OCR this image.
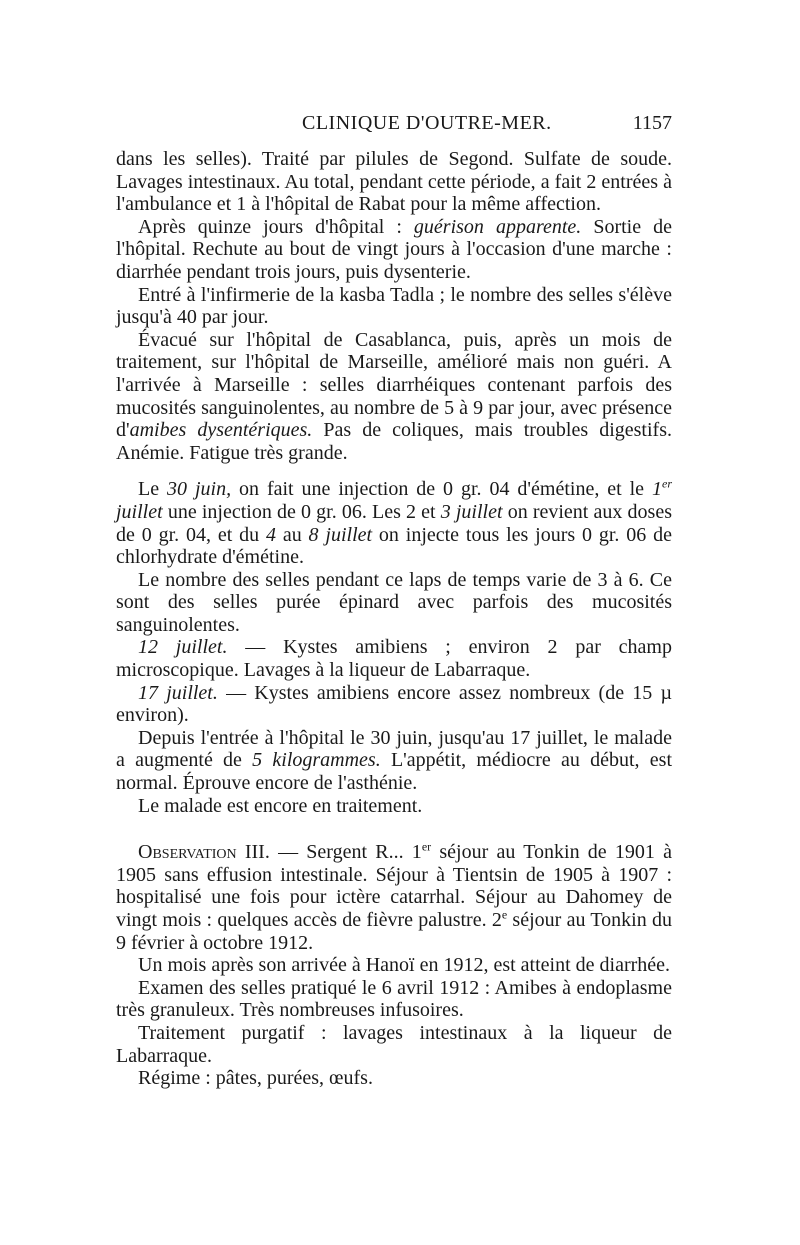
CLINIQUE D'OUTRE-MER.	1157

dans les selles). Traité par pilules de Segond. Sulfate de soude. Lavages intestinaux. Au total, pendant cette période, a fait 2 entrées à l'ambulance et 1 à l'hôpital de Rabat pour la même affection.

Après quinze jours d'hôpital : guérison apparente. Sortie de l'hôpital. Rechute au bout de vingt jours à l'occasion d'une marche : diarrhée pendant trois jours, puis dysenterie.

Entré à l'infirmerie de la kasba Tadla ; le nombre des selles s'élève jusqu'à 40 par jour.

Évacué sur l'hôpital de Casablanca, puis, après un mois de traitement, sur l'hôpital de Marseille, amélioré mais non guéri. A l'arrivée à Marseille : selles diarrhéiques contenant parfois des mucosités sanguinolentes, au nombre de 5 à 9 par jour, avec présence d'amibes dysentériques. Pas de coliques, mais troubles digestifs. Anémie. Fatigue très grande.

Le 30 juin, on fait une injection de 0 gr. 04 d'émétine, et le 1er juillet une injection de 0 gr. 06. Les 2 et 3 juillet on revient aux doses de 0 gr. 04, et du 4 au 8 juillet on injecte tous les jours 0 gr. 06 de chlorhydrate d'émétine.

Le nombre des selles pendant ce laps de temps varie de 3 à 6. Ce sont des selles purée épinard avec parfois des mucosités sanguinolentes.

12 juillet. — Kystes amibiens ; environ 2 par champ microscopique. Lavages à la liqueur de Labarraque.

17 juillet. — Kystes amibiens encore assez nombreux (de 15 µ environ).

Depuis l'entrée à l'hôpital le 30 juin, jusqu'au 17 juillet, le malade a augmenté de 5 kilogrammes. L'appétit, médiocre au début, est normal. Éprouve encore de l'asthénie.

Le malade est encore en traitement.

Observation III. — Sergent R... 1er séjour au Tonkin de 1901 à 1905 sans effusion intestinale. Séjour à Tientsin de 1905 à 1907 : hospitalisé une fois pour ictère catarrhal. Séjour au Dahomey de vingt mois : quelques accès de fièvre palustre. 2e séjour au Tonkin du 9 février à octobre 1912.

Un mois après son arrivée à Hanoï en 1912, est atteint de diarrhée.

Examen des selles pratiqué le 6 avril 1912 : Amibes à endoplasme très granuleux. Très nombreuses infusoires.

Traitement purgatif : lavages intestinaux à la liqueur de Labarraque.

Régime : pâtes, purées, œufs.
